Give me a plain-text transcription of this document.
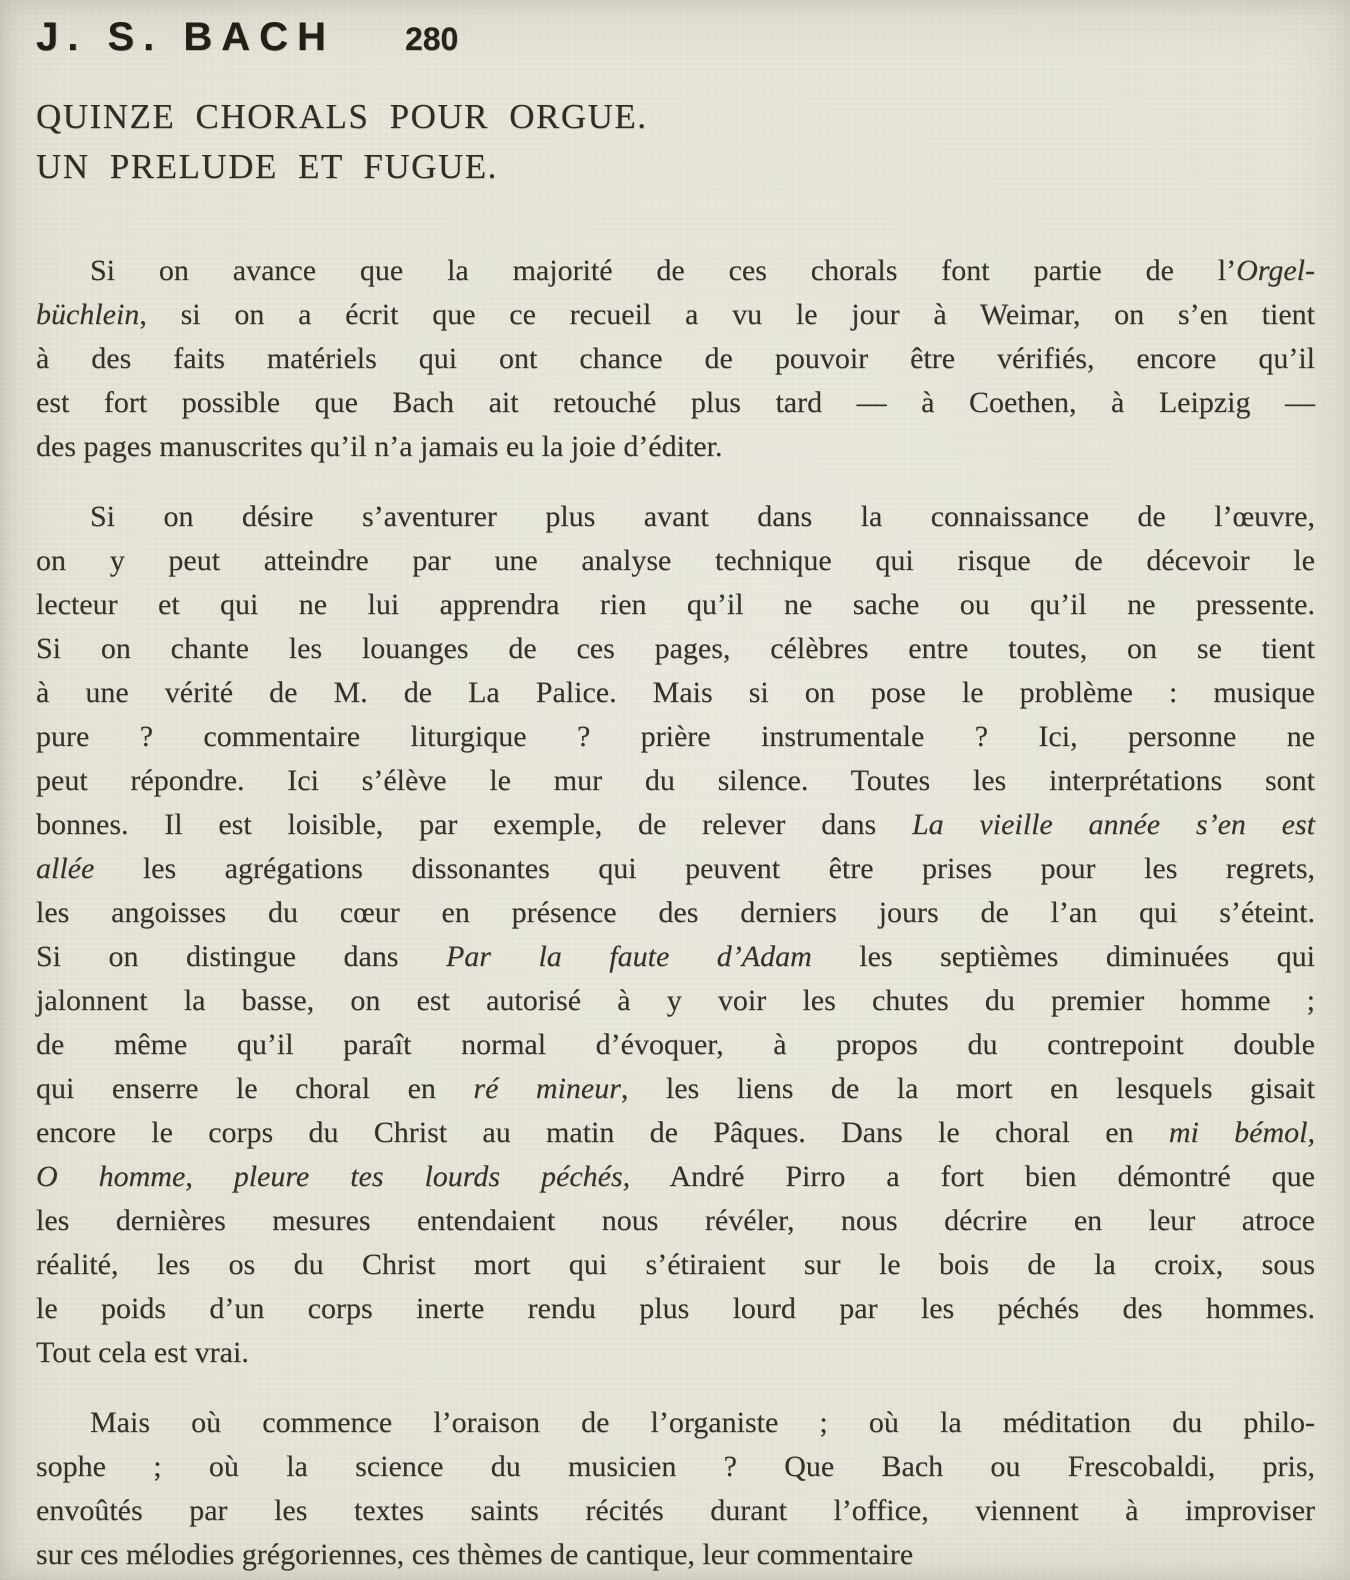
J. S. BACH 280
QUINZE CHORALS POUR ORGUE.
UN PRELUDE ET FUGUE.
Si on avance que la majorité de ces chorals font partie de l’Orgel-
büchlein, si on a écrit que ce recueil a vu le jour à Weimar, on s’en tient
à des faits matériels qui ont chance de pouvoir être vérifiés, encore qu’il
est fort possible que Bach ait retouché plus tard — à Coethen, à Leipzig —
des pages manuscrites qu’il n’a jamais eu la joie d’éditer.
Si on désire s’aventurer plus avant dans la connaissance de l’œuvre,
on y peut atteindre par une analyse technique qui risque de décevoir le
lecteur et qui ne lui apprendra rien qu’il ne sache ou qu’il ne pressente.
Si on chante les louanges de ces pages, célèbres entre toutes, on se tient
à une vérité de M. de La Palice. Mais si on pose le problème : musique
pure ? commentaire liturgique ? prière instrumentale ? Ici, personne ne
peut répondre. Ici s’élève le mur du silence. Toutes les interprétations sont
bonnes. Il est loisible, par exemple, de relever dans La vieille année s’en est
allée les agrégations dissonantes qui peuvent être prises pour les regrets,
les angoisses du cœur en présence des derniers jours de l’an qui s’éteint.
Si on distingue dans Par la faute d’Adam les septièmes diminuées qui
jalonnent la basse, on est autorisé à y voir les chutes du premier homme ;
de même qu’il paraît normal d’évoquer, à propos du contrepoint double
qui enserre le choral en ré mineur, les liens de la mort en lesquels gisait
encore le corps du Christ au matin de Pâques. Dans le choral en mi bémol,
O homme, pleure tes lourds péchés, André Pirro a fort bien démontré que
les dernières mesures entendaient nous révéler, nous décrire en leur atroce
réalité, les os du Christ mort qui s’étiraient sur le bois de la croix, sous
le poids d’un corps inerte rendu plus lourd par les péchés des hommes.
Tout cela est vrai.
Mais où commence l’oraison de l’organiste ; où la méditation du philo-
sophe ; où la science du musicien ? Que Bach ou Frescobaldi, pris,
envoûtés par les textes saints récités durant l’office, viennent à improviser
sur ces mélodies grégoriennes, ces thèmes de cantique, leur commentaire
